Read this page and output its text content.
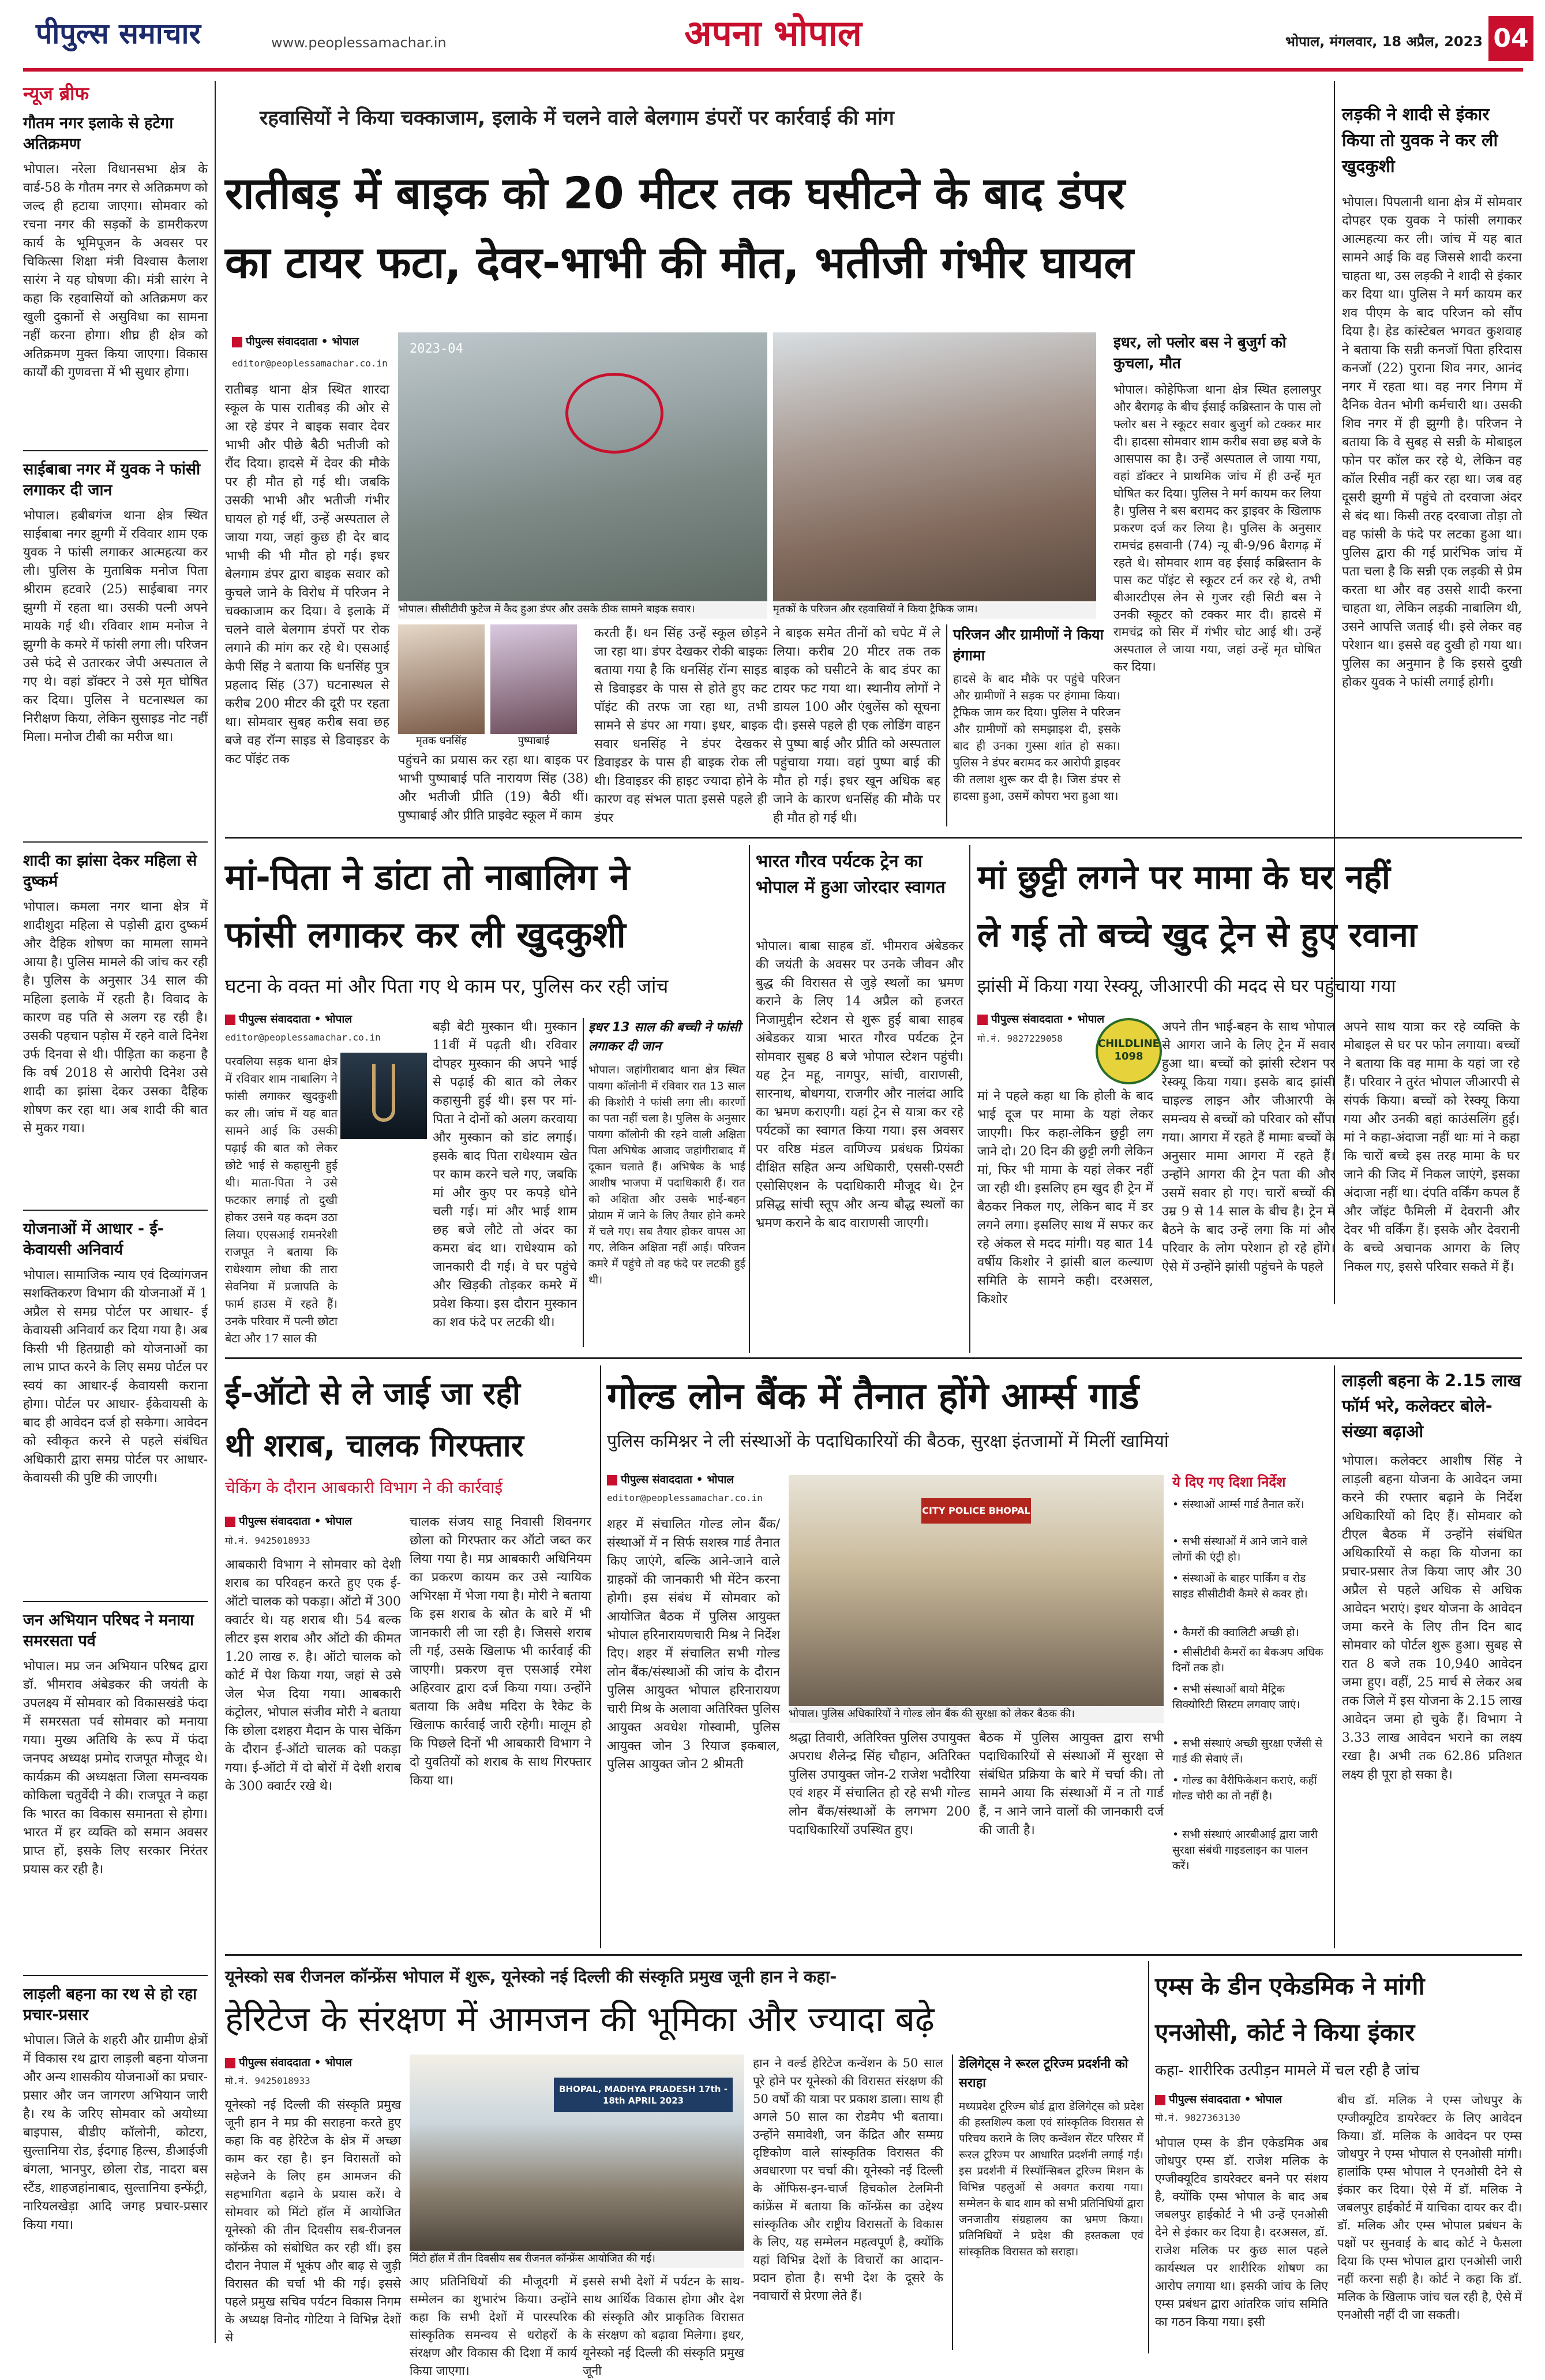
पीपुल्स समाचार	www.peoplessamachar.in	अपना भोपाल	भोपाल, मंगलवार, 18 अप्रैल, 2023 04
न्यूज ब्रीफ
गौतम नगर इलाके से हटेगा अतिक्रमण
भोपाल। नरेला विधानसभा क्षेत्र के वार्ड-58 के गौतम नगर से अतिक्रमण को जल्द ही हटाया जाएगा। सोमवार को रचना नगर की सड़कों के डामरीकरण कार्य के भूमिपूजन के अवसर पर चिकित्सा शिक्षा मंत्री विश्वास कैलाश सारंग ने यह घोषणा की। मंत्री सारंग ने कहा कि रहवासियों को अतिक्रमण कर खुली दुकानों से असुविधा का सामना नहीं करना होगा। शीघ्र ही क्षेत्र को अतिक्रमण मुक्त किया जाएगा। विकास कार्यों की गुणवत्ता में भी सुधार होगा।
साईबाबा नगर में युवक ने फांसी लगाकर दी जान
भोपाल। हबीबगंज थाना क्षेत्र स्थित साईबाबा नगर झुग्गी में रविवार शाम एक युवक ने फांसी लगाकर आत्महत्या कर ली। पुलिस के मुताबिक मनोज पिता श्रीराम हटवारे (25) साईबाबा नगर झुग्गी में रहता था। उसकी पत्नी अपने मायके गई थी। रविवार शाम मनोज ने झुग्गी के कमरे में फांसी लगा ली। परिजन उसे फंदे से उतारकर जेपी अस्पताल ले गए थे। वहां डॉक्टर ने उसे मृत घोषित कर दिया। पुलिस ने घटनास्थल का निरीक्षण किया, लेकिन सुसाइड नोट नहीं मिला। मनोज टीबी का मरीज था।
शादी का झांसा देकर महिला से दुष्कर्म
भोपाल। कमला नगर थाना क्षेत्र में शादीशुदा महिला से पड़ोसी द्वारा दुष्कर्म और दैहिक शोषण का मामला सामने आया है। पुलिस मामले की जांच कर रही है। पुलिस के अनुसार 34 साल की महिला इलाके में रहती है। विवाद के कारण वह पति से अलग रह रही है। उसकी पहचान पड़ोस में रहने वाले दिनेश उर्फ दिनवा से थी। पीड़िता का कहना है कि वर्ष 2018 से आरोपी दिनेश उसे शादी का झांसा देकर उसका दैहिक शोषण कर रहा था। अब शादी की बात से मुकर गया।
योजनाओं में आधार - ई-केवायसी अनिवार्य
भोपाल। सामाजिक न्याय एवं दिव्यांगजन सशक्तिकरण विभाग की योजनाओं में 1 अप्रैल से समग्र पोर्टल पर आधार- ई केवायसी अनिवार्य कर दिया गया है। अब किसी भी हितग्राही को योजनाओं का लाभ प्राप्त करने के लिए समग्र पोर्टल पर स्वयं का आधार-ई केवायसी कराना होगा। पोर्टल पर आधार- ईकेवायसी के बाद ही आवेदन दर्ज हो सकेगा। आवेदन को स्वीकृत करने से पहले संबंधित अधिकारी द्वारा समग्र पोर्टल पर आधार-केवायसी की पुष्टि की जाएगी।
जन अभियान परिषद ने मनाया समरसता पर्व
भोपाल। मप्र जन अभियान परिषद द्वारा डॉ. भीमराव अंबेडकर की जयंती के उपलक्ष्य में सोमवार को विकासखंडे फंदा में समरसता पर्व सोमवार को मनाया गया। मुख्य अतिथि के रूप में फंदा जनपद अध्यक्ष प्रमोद राजपूत मौजूद थे। कार्यक्रम की अध्यक्षता जिला समन्वयक कोकिला चतुर्वेदी ने की। राजपूत ने कहा कि भारत का विकास समानता से होगा। भारत में हर व्यक्ति को समान अवसर प्राप्त हों, इसके लिए सरकार निरंतर प्रयास कर रही है।
लाड़ली बहना का रथ से हो रहा प्रचार-प्रसार
भोपाल। जिले के शहरी और ग्रामीण क्षेत्रों में विकास रथ द्वारा लाड़ली बहना योजना और अन्य शासकीय योजनाओं का प्रचार-प्रसार और जन जागरण अभियान जारी है। रथ के जरिए सोमवार को अयोध्या बाइपास, बीडीए कॉलोनी, कोटरा, सुल्तानिया रोड, ईदगाह हिल्स, डीआईजी बंगला, भानपुर, छोला रोड, नादरा बस स्टैंड, शाहजहांनाबाद, सुल्तानिया इन्फेंट्री, नारियलखेड़ा आदि जगह प्रचार-प्रसार किया गया।
रहवासियों ने किया चक्काजाम, इलाके में चलने वाले बेलगाम डंपरों पर कार्रवाई की मांग
रातीबड़ में बाइक को 20 मीटर तक घसीटने के बाद डंपर
का टायर फटा, देवर-भाभी की मौत, भतीजी गंभीर घायल
पीपुल्स संवाददाता • भोपाल
editor@peoplessamachar.co.in
रातीबड़ थाना क्षेत्र स्थित शारदा स्कूल के पास रातीबड़ की ओर से आ रहे डंपर ने बाइक सवार देवर भाभी और पीछे बैठी भतीजी को रौंद दिया। हादसे में देवर की मौके पर ही मौत हो गई थी। जबकि उसकी भाभी और भतीजी गंभीर घायल हो गई थीं, उन्हें अस्पताल ले जाया गया, जहां कुछ ही देर बाद भाभी की भी मौत हो गई। इधर बेलगाम डंपर द्वारा बाइक सवार को कुचले जाने के विरोध में परिजन ने चक्काजाम कर दिया। वे इलाके में चलने वाले बेलगाम डंपरों पर रोक लगाने की मांग कर रहे थे। एसआई केपी सिंह ने बताया कि धनसिंह पुत्र प्रहलाद सिंह (37) घटनास्थल से करीब 200 मीटर की दूरी पर रहता था। सोमवार सुबह करीब सवा छह बजे वह रॉन्ग साइड से डिवाइडर के कट पॉइंट तक
2023-04
भोपाल। सीसीटीवी फुटेज में कैद हुआ डंपर और उसके ठीक सामने बाइक सवार।	मृतकों के परिजन और रहवासियों ने किया ट्रैफिक जाम।
मृतक धनसिंह	पुष्पाबाई
पहुंचने का प्रयास कर रहा था। बाइक पर भाभी पुष्पाबाई पति नारायण सिंह (38) और भतीजी प्रीति (19) बैठी थीं। पुष्पाबाई और प्रीति प्राइवेट स्कूल में काम
करती हैं। धन सिंह उन्हें स्कूल छोड़ने जा रहा था। डंपर देखकर रोकी बाइकः बताया गया है कि धनसिंह रॉन्ग साइड से डिवाइडर के पास से होते हुए कट पॉइंट की तरफ जा रहा था, तभी सामने से डंपर आ गया। इधर, बाइक सवार धनसिंह ने डंपर देखकर डिवाइडर के पास ही बाइक रोक ली थी। डिवाइडर की हाइट ज्यादा होने के कारण वह संभल पाता इससे पहले ही डंपर
ने बाइक समेत तीनों को चपेट में ले लिया। करीब 20 मीटर तक तक बाइक को घसीटने के बाद डंपर का टायर फट गया था। स्थानीय लोगों ने डायल 100 और एंबुलेंस को सूचना दी। इससे पहले ही एक लोडिंग वाहन से पुष्पा बाई और प्रीति को अस्पताल पहुंचाया गया। वहां पुष्पा बाई की मौत हो गई। इधर खून अधिक बह जाने के कारण धनसिंह की मौके पर ही मौत हो गई थी।
परिजन और ग्रामीणों ने किया हंगामा
हादसे के बाद मौके पर पहुंचे परिजन और ग्रामीणों ने सड़क पर हंगामा किया। ट्रैफिक जाम कर दिया। पुलिस ने परिजन और ग्रामीणों को समझाइश दी, इसके बाद ही उनका गुस्सा शांत हो सका। पुलिस ने डंपर बरामद कर आरोपी ड्राइवर की तलाश शुरू कर दी है। जिस डंपर से हादसा हुआ, उसमें कोपरा भरा हुआ था।
इधर, लो फ्लोर बस ने बुजुर्ग को कुचला, मौत
भोपाल। कोहेफिजा थाना क्षेत्र स्थित हलालपुर और बैरागढ़ के बीच ईसाई कब्रिस्तान के पास लो फ्लोर बस ने स्कूटर सवार बुजुर्ग को टक्कर मार दी। हादसा सोमवार शाम करीब सवा छह बजे के आसपास का है। उन्हें अस्पताल ले जाया गया, वहां डॉक्टर ने प्राथमिक जांच में ही उन्हें मृत घोषित कर दिया। पुलिस ने मर्ग कायम कर लिया है। पुलिस ने बस बरामद कर ड्राइवर के खिलाफ प्रकरण दर्ज कर लिया है। पुलिस के अनुसार रामचंद्र हसवानी (74) न्यू बी-9/96 बैरागढ़ में रहते थे। सोमवार शाम वह ईसाई कब्रिस्तान के पास कट पॉइंट से स्कूटर टर्न कर रहे थे, तभी बीआरटीएस लेन से गुजर रही सिटी बस ने उनकी स्कूटर को टक्कर मार दी। हादसे में रामचंद्र को सिर में गंभीर चोट आई थी। उन्हें अस्पताल ले जाया गया, जहां उन्हें मृत घोषित कर दिया।
लड़की ने शादी से इंकार किया तो युवक ने कर ली खुदकुशी
भोपाल। पिपलानी थाना क्षेत्र में सोमवार दोपहर एक युवक ने फांसी लगाकर आत्महत्या कर ली। जांच में यह बात सामने आई कि वह जिससे शादी करना चाहता था, उस लड़की ने शादी से इंकार कर दिया था। पुलिस ने मर्ग कायम कर शव पीएम के बाद परिजन को सौंप दिया है। हेड कांस्टेबल भगवत कुशवाह ने बताया कि सन्नी कनजॉ पिता हरिदास कनजॉ (22) पुराना शिव नगर, आनंद नगर में रहता था। वह नगर निगम में दैनिक वेतन भोगी कर्मचारी था। उसकी शिव नगर में ही झुग्गी है। परिजन ने बताया कि वे सुबह से सन्नी के मोबाइल फोन पर कॉल कर रहे थे, लेकिन वह कॉल रिसीव नहीं कर रहा था। जब वह दूसरी झुग्गी में पहुंचे तो दरवाजा अंदर से बंद था। किसी तरह दरवाजा तोड़ा तो वह फांसी के फंदे पर लटका हुआ था। पुलिस द्वारा की गई प्रारंभिक जांच में पता चला है कि सन्नी एक लड़की से प्रेम करता था और वह उससे शादी करना चाहता था, लेकिन लड़की नाबालिग थी, उसने आपत्ति जताई थी। इसे लेकर वह परेशान था। इससे वह दुखी हो गया था। पुलिस का अनुमान है कि इससे दुखी होकर युवक ने फांसी लगाई होगी।
मां-पिता ने डांटा तो नाबालिग ने
फांसी लगाकर कर ली खुदकुशी
घटना के वक्त मां और पिता गए थे काम पर, पुलिस कर रही जांच
पीपुल्स संवाददाता • भोपाल
editor@peoplessamachar.co.in
परवलिया सड़क थाना क्षेत्र में रविवार शाम नाबालिग ने फांसी लगाकर खुदकुशी कर ली। जांच में यह बात सामने आई कि उसकी पढ़ाई की बात को लेकर छोटे भाई से कहासुनी हुई थी। माता-पिता ने उसे फटकार लगाई तो दुखी होकर उसने यह कदम उठा लिया। एएसआई रामनरेशी राजपूत ने बताया कि राधेश्याम लोधा की तारा सेवनिया में प्रजापति के फार्म हाउस में रहते हैं। उनके परिवार में पत्नी छोटा बेटा और 17 साल की
बड़ी बेटी मुस्कान थी। मुस्कान 11वीं में पढ़ती थी। रविवार दोपहर मुस्कान की अपने भाई से पढ़ाई की बात को लेकर कहासुनी हुई थी। इस पर मां-पिता ने दोनों को अलग करवाया और मुस्कान को डांट लगाई। इसके बाद पिता राधेश्याम खेत पर काम करने चले गए, जबकि मां और कुए पर कपड़े धोने चली गई। मां और भाई शाम छह बजे लौटे तो अंदर का कमरा बंद था। राधेश्याम को जानकारी दी गई। वे घर पहुंचे और खिड़की तोड़कर कमरे में प्रवेश किया। इस दौरान मुस्कान का शव फंदे पर लटकी थी।
इधर 13 साल की बच्ची ने फांसी लगाकर दी जान
भोपाल। जहांगीराबाद थाना क्षेत्र स्थित पायगा कॉलोनी में रविवार रात 13 साल की किशोरी ने फांसी लगा ली। कारणों का पता नहीं चला है। पुलिस के अनुसार पायगा कॉलोनी की रहने वाली अक्षिता पिता अभिषेक आजाद जहांगीराबाद में दूकान चलाते हैं। अभिषेक के भाई आशीष भाजपा में पदाधिकारी हैं। रात को अक्षिता और उसके भाई-बहन प्रोग्राम में जाने के लिए तैयार होने कमरे में चले गए। सब तैयार होकर वापस आ गए, लेकिन अक्षिता नहीं आई। परिजन कमरे में पहुंचे तो वह फंदे पर लटकी हुई थी।
भारत गौरव पर्यटक ट्रेन का भोपाल में हुआ जोरदार स्वागत
भोपाल। बाबा साहब डॉ. भीमराव अंबेडकर की जयंती के अवसर पर उनके जीवन और बुद्ध की विरासत से जुड़े स्थलों का भ्रमण कराने के लिए 14 अप्रैल को हजरत निजामुद्दीन स्टेशन से शुरू हुई बाबा साहब अंबेडकर यात्रा भारत गौरव पर्यटक ट्रेन सोमवार सुबह 8 बजे भोपाल स्टेशन पहुंची। यह ट्रेन महू, नागपुर, सांची, वाराणसी, सारनाथ, बोधगया, राजगीर और नालंदा आदि का भ्रमण कराएगी। यहां ट्रेन से यात्रा कर रहे पर्यटकों का स्वागत किया गया। इस अवसर पर वरिष्ठ मंडल वाणिज्य प्रबंधक प्रियंका दीक्षित सहित अन्य अधिकारी, एससी-एसटी एसोसिएशन के पदाधिकारी मौजूद थे। ट्रेन प्रसिद्ध सांची स्तूप और अन्य बौद्ध स्थलों का भ्रमण कराने के बाद वाराणसी जाएगी।
मां छुट्टी लगने पर मामा के घर नहीं
ले गई तो बच्चे खुद ट्रेन से हुए रवाना
झांसी में किया गया रेस्क्यू, जीआरपी की मदद से घर पहुंचाया गया
पीपुल्स संवाददाता • भोपाल
मो.नं. 9827229058	CHILDLINE 1098
मां ने पहले कहा था कि होली के बाद भाई दूज पर मामा के यहां लेकर जाएगी। फिर कहा-लेकिन छुट्टी लग जाने दो। 20 दिन की छुट्टी लगी लेकिन मां, फिर भी मामा के यहां लेकर नहीं जा रही थी। इसलिए हम खुद ही ट्रेन में बैठकर निकल गए, लेकिन बाद में डर लगने लगा। इसलिए साथ में सफर कर रहे अंकल से मदद मांगी। यह बात 14 वर्षीय किशोर ने झांसी बाल कल्याण समिति के सामने कही। दरअसल, किशोर
अपने तीन भाई-बहन के साथ भोपाल से आगरा जाने के लिए ट्रेन में सवार हुआ था। बच्चों को झांसी स्टेशन पर रेस्क्यू किया गया। इसके बाद झांसी चाइल्ड लाइन और जीआरपी के समन्वय से बच्चों को परिवार को सौंपा गया। आगरा में रहते हैं मामाः बच्चों के अनुसार मामा आगरा में रहते हैं। उन्होंने आगरा की ट्रेन पता की और उसमें सवार हो गए। चारों बच्चों की उम्र 9 से 14 साल के बीच है। ट्रेन में बैठने के बाद उन्हें लगा कि मां और परिवार के लोग परेशान हो रहे होंगे। ऐसे में उन्होंने झांसी पहुंचने के पहले
अपने साथ यात्रा कर रहे व्यक्ति के मोबाइल से घर पर फोन लगाया। बच्चों ने बताया कि वह मामा के यहां जा रहे हैं। परिवार ने तुरंत भोपाल जीआरपी से संपर्क किया। बच्चों को रेस्क्यू किया गया और उनकी बहां काउंसलिंग हुई। मां ने कहा-अंदाजा नहीं थाः मां ने कहा कि चारों बच्चे इस तरह मामा के घर जाने की जिद में निकल जाएंगे, इसका अंदाजा नहीं था। दंपति वर्किंग कपल हैं और जॉइंट फैमिली में देवरानी और देवर भी वर्किंग हैं। इसके और देवरानी के बच्चे अचानक आगरा के लिए निकल गए, इससे परिवार सकते में हैं।
ई-ऑटो से ले जाई जा रही
थी शराब, चालक गिरफ्तार
चेकिंग के दौरान आबकारी विभाग ने की कार्रवाई
पीपुल्स संवाददाता • भोपाल
मो.नं. 9425018933
आबकारी विभाग ने सोमवार को देशी शराब का परिवहन करते हुए एक ई-ऑटो चालक को पकड़ा। ऑटो में 300 क्वार्टर थे। यह शराब थी। 54 बल्क लीटर इस शराब और ऑटो की कीमत 1.20 लाख रु. है। ऑटो चालक को कोर्ट में पेश किया गया, जहां से उसे जेल भेज दिया गया। आबकारी कंट्रोलर, भोपाल संजीव मोरी ने बताया कि छोला दशहरा मैदान के पास चेकिंग के दौरान ई-ऑटो चालक को पकड़ा गया। ई-ऑटो में दो बोरों में देशी शराब के 300 क्वार्टर रखे थे।
चालक संजय साहू निवासी शिवनगर छोला को गिरफ्तार कर ऑटो जब्त कर लिया गया है। मप्र आबकारी अधिनियम का प्रकरण कायम कर उसे न्यायिक अभिरक्षा में भेजा गया है। मोरी ने बताया कि इस शराब के स्रोत के बारे में भी जानकारी ली जा रही है। जिससे शराब ली गई, उसके खिलाफ भी कार्रवाई की जाएगी। प्रकरण वृत्त एसआई रमेश अहिरवार द्वारा दर्ज किया गया। उन्होंने बताया कि अवैध मदिरा के रैकेट के खिलाफ कार्रवाई जारी रहेगी। मालूम हो कि पिछले दिनों भी आबकारी विभाग ने दो युवतियों को शराब के साथ गिरफ्तार किया था।
गोल्ड लोन बैंक में तैनात होंगे आर्म्स गार्ड
पुलिस कमिश्नर ने ली संस्थाओं के पदाधिकारियों की बैठक, सुरक्षा इंतजामों में मिलीं खामियां
पीपुल्स संवाददाता • भोपाल
editor@peoplessamachar.co.in
शहर में संचालित गोल्ड लोन बैंक/संस्थाओं में न सिर्फ सशस्त्र गार्ड तैनात किए जाएंगे, बल्कि आने-जाने वाले ग्राहकों की जानकारी भी मेंटेन करना होगी। इस संबंध में सोमवार को आयोजित बैठक में पुलिस आयुक्त भोपाल हरिनारायणचारी मिश्र ने निर्देश दिए। शहर में संचालित सभी गोल्ड लोन बैंक/संस्थाओं की जांच के दौरान पुलिस आयुक्त भोपाल हरिनारायण चारी मिश्र के अलावा अतिरिक्त पुलिस आयुक्त अवधेश गोस्वामी, पुलिस आयुक्त जोन 3 रियाज इकबाल, पुलिस आयुक्त जोन 2 श्रीमती
CITY POLICE BHOPAL
भोपाल। पुलिस अधिकारियों ने गोल्ड लोन बैंक की सुरक्षा को लेकर बैठक की।
श्रद्धा तिवारी, अतिरिक्त पुलिस उपायुक्त अपराध शैलेन्द्र सिंह चौहान, अतिरिक्त पुलिस उपायुक्त जोन-2 राजेश भदौरिया एवं शहर में संचालित हो रहे सभी गोल्ड लोन बैंक/संस्थाओं के लगभग 200 पदाधिकारियों उपस्थित हुए।
बैठक में पुलिस आयुक्त द्वारा सभी पदाधिकारियों से संस्थाओं में सुरक्षा से संबंधित प्रक्रिया के बारे में चर्चा की। तो सामने आया कि संस्थाओं में न तो गार्ड हैं, न आने जाने वालों की जानकारी दर्ज की जाती है।
ये दिए गए दिशा निर्देश
• संस्थाओं आर्म्स गार्ड तैनात करें।
• सभी संस्थाओं में आने जाने वाले लोगों की एंट्री हो।
• संस्थाओं के बाहर पार्किंग व रोड साइड सीसीटीवी कैमरे से कवर हो।
• कैमरों की क्वालिटी अच्छी हो।
• सीसीटीवी कैमरों का बैकअप अधिक दिनों तक हो।
• सभी संस्थाओं बायो मैट्रिक सिक्योरिटी सिस्टम लगवाए जाएं।
• सभी संस्थाएं अच्छी सुरक्षा एजेंसी से गार्ड की सेवाएं लें।
• गोल्ड का वैरीफिकेशन कराएं, कहीं गोल्ड चोरी का तो नहीं है।
• सभी संस्थाएं आरबीआई द्वारा जारी सुरक्षा संबंधी गाइडलाइन का पालन करें।
लाड़ली बहना के 2.15 लाख फॉर्म भरे, कलेक्टर बोले-संख्या बढ़ाओ
भोपाल। कलेक्टर आशीष सिंह ने लाड़ली बहना योजना के आवेदन जमा करने की रफ्तार बढ़ाने के निर्देश अधिकारियों को दिए हैं। सोमवार को टीएल बैठक में उन्होंने संबंधित अधिकारियों से कहा कि योजना का प्रचार-प्रसार तेज किया जाए और 30 अप्रैल से पहले अधिक से अधिक आवेदन भराएं। इधर योजना के आवेदन जमा करने के लिए तीन दिन बाद सोमवार को पोर्टल शुरू हुआ। सुबह से रात 8 बजे तक 10,940 आवेदन जमा हुए। वहीं, 25 मार्च से लेकर अब तक जिले में इस योजना के 2.15 लाख आवेदन जमा हो चुके हैं। विभाग ने 3.33 लाख आवेदन भराने का लक्ष्य रखा है। अभी तक 62.86 प्रतिशत लक्ष्य ही पूरा हो सका है।
यूनेस्को सब रीजनल कॉन्फ्रेंस भोपाल में शुरू, यूनेस्को नई दिल्ली की संस्कृति प्रमुख जूनी हान ने कहा-
हेरिटेज के संरक्षण में आमजन की भूमिका और ज्यादा बढ़े
पीपुल्स संवाददाता • भोपाल
मो.नं. 9425018933
यूनेस्को नई दिल्ली की संस्कृति प्रमुख जूनी हान ने मप्र की सराहना करते हुए कहा कि वह हेरिटेज के क्षेत्र में अच्छा काम कर रहा है। इन विरासतों को सहेजने के लिए हम आमजन की सहभागिता बढ़ाने के प्रयास करें। वे सोमवार को मिंटो हॉल में आयोजित यूनेस्को की तीन दिवसीय सब-रीजनल कॉन्फ्रेंस को संबोधित कर रही थीं। इस दौरान नेपाल में भूकंप और बाढ़ से जुड़ी विरासत की चर्चा भी की गई। इससे पहले प्रमुख सचिव पर्यटन विकास निगम के अध्यक्ष विनोद गोटिया ने विभिन्न देशों से
BHOPAL, MADHYA PRADESH 17th - 18th APRIL 2023
मिंटो हॉल में तीन दिवसीय सब रीजनल कॉन्फ्रेंस आयोजित की गई।
आए प्रतिनिधियों की मौजूदगी में सम्मेलन का शुभारंभ किया। उन्होंने कहा कि सभी देशों में पारस्परिक सांस्कृतिक समन्वय से धरोहरों के संरक्षण और विकास की दिशा में कार्य किया जाएगा।
इससे सभी देशों में पर्यटन के साथ-साथ आर्थिक विकास होगा और देश की संस्कृति और प्राकृतिक विरासत के संरक्षण को बढ़ावा मिलेगा। इधर, यूनेस्को नई दिल्ली की संस्कृति प्रमुख जूनी
हान ने वर्ल्ड हेरिटेज कन्वेंशन के 50 साल पूरे होने पर यूनेस्को की विरासत संरक्षण की 50 वर्षों की यात्रा पर प्रकाश डाला। साथ ही अगले 50 साल का रोडमैप भी बताया। उन्होंने समावेशी, जन केंद्रित और सम्मग्र दृष्टिकोण वाले सांस्कृतिक विरासत की अवधारणा पर चर्चा की। यूनेस्को नई दिल्ली के ऑफिस-इन-चार्ज हिचकोल टेलमिनी कांफ्रेंस में बताया कि कॉन्फ्रेंस का उद्देश्य सांस्कृतिक और राष्ट्रीय विरासतों के विकास के लिए, यह सम्मेलन महत्वपूर्ण है, क्योंकि यहां विभिन्न देशों के विचारों का आदान-प्रदान होता है। सभी देश के दूसरे के नवाचारों से प्रेरणा लेते हैं।
डेलिगेट्स ने रूरल टूरिज्म प्रदर्शनी को सराहा
मध्यप्रदेश टूरिज्म बोर्ड द्वारा डेलिगेट्स को प्रदेश की हस्तशिल्प कला एवं सांस्कृतिक विरासत से परिचय कराने के लिए कन्वेंशन सेंटर परिसर में रूरल टूरिज्म पर आधारित प्रदर्शनी लगाई गई। इस प्रदर्शनी में रिस्पॉन्सिबल टूरिज्म मिशन के विभिन्न पहलुओं से अवगत कराया गया। सम्मेलन के बाद शाम को सभी प्रतिनिधियों द्वारा जनजातीय संग्रहालय का भ्रमण किया। प्रतिनिधियों ने प्रदेश की हस्तकला एवं सांस्कृतिक विरासत को सराहा।
एम्स के डीन एकेडमिक ने मांगी
एनओसी, कोर्ट ने किया इंकार
कहा- शारीरिक उत्पीड़न मामले में चल रही है जांच
पीपुल्स संवाददाता • भोपाल
मो.नं. 9827363130
भोपाल एम्स के डीन एकेडमिक अब जोधपुर एम्स डॉ. राजेश मलिक के एग्जीक्यूटिव डायरेक्टर बनने पर संशय है, क्योंकि एम्स भोपाल के बाद अब जबलपुर हाईकोर्ट ने भी उन्हें एनओसी देने से इंकार कर दिया है। दरअसल, डॉ. राजेश मलिक पर कुछ साल पहले कार्यस्थल पर शारीरिक शोषण का आरोप लगाया था। इसकी जांच के लिए एम्स प्रबंधन द्वारा आंतरिक जांच समिति का गठन किया गया। इसी
बीच डॉ. मलिक ने एम्स जोधपुर के एग्जीक्यूटिव डायरेक्टर के लिए आवेदन किया। डॉ. मलिक के आवेदन पर एम्स जोधपुर ने एम्स भोपाल से एनओसी मांगी। हालांकि एम्स भोपाल ने एनओसी देने से इंकार कर दिया। ऐसे में डॉ. मलिक ने जबलपुर हाईकोर्ट में याचिका दायर कर दी। डॉ. मलिक और एम्स भोपाल प्रबंधन के पक्षों पर सुनवाई के बाद कोर्ट ने फैसला दिया कि एम्स भोपाल द्वारा एनओसी जारी नहीं करना सही है। कोर्ट ने कहा कि डॉ. मलिक के खिलाफ जांच चल रही है, ऐसे में एनओसी नहीं दी जा सकती।
